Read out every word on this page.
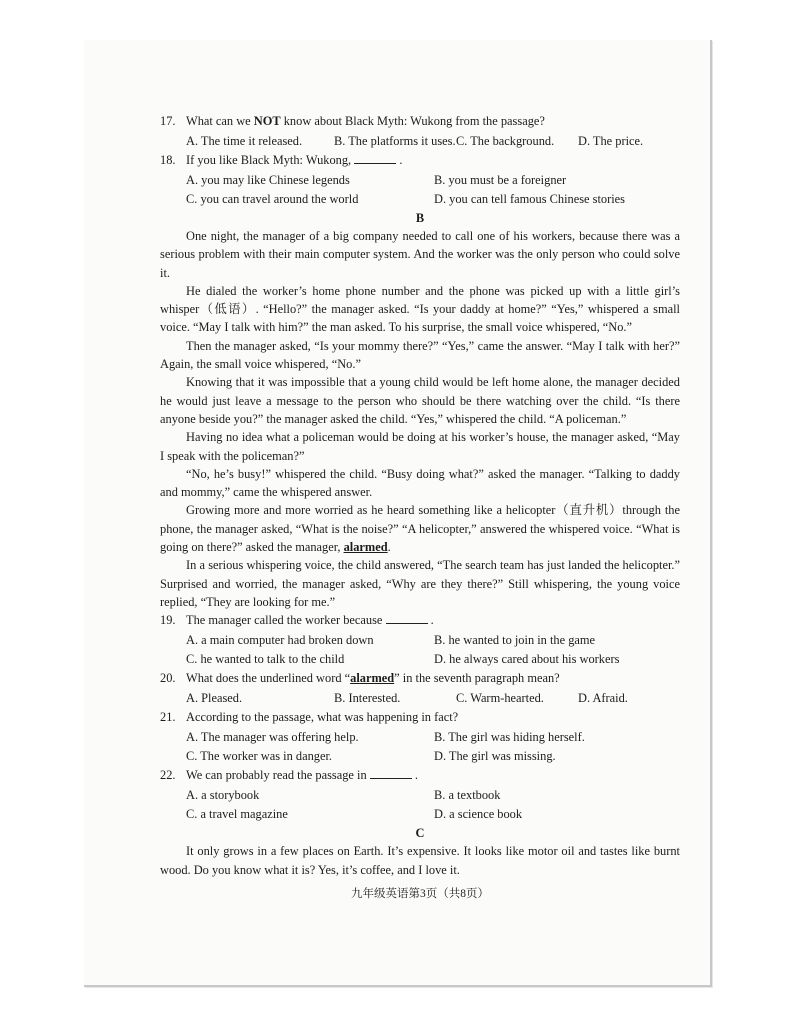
17. What can we NOT know about Black Myth: Wukong from the passage?
A. The time it released.	B. The platforms it uses. C. The background.	D. The price.
18. If you like Black Myth: Wukong,	.
A. you may like Chinese legends	B. you must be a foreigner
C. you can travel around the world	D. you can tell famous Chinese stories
B

One night, the manager of a big company needed to call one of his workers, because there was a serious problem with their main computer system. And the worker was the only person who could solve it.

He dialed the worker’s home phone number and the phone was picked up with a little girl’s whisper（低语）. “Hello?” the manager asked. “Is your daddy at home?” “Yes,” whispered a small voice. “May I talk with him?” the man asked. To his surprise, the small voice whispered, “No.”

Then the manager asked, “Is your mommy there?” “Yes,” came the answer. “May I talk with her?” Again, the small voice whispered, “No.”

Knowing that it was impossible that a young child would be left home alone, the manager decided he would just leave a message to the person who should be there watching over the child. “Is there anyone beside you?” the manager asked the child. “Yes,” whispered the child. “A policeman.”

Having no idea what a policeman would be doing at his worker’s house, the manager asked, “May I speak with the policeman?”

“No, he’s busy!” whispered the child. “Busy doing what?” asked the manager. “Talking to daddy and mommy,” came the whispered answer.

Growing more and more worried as he heard something like a helicopter（直升机）through the phone, the manager asked, “What is the noise?” “A helicopter,” answered the whispered voice. “What is going on there?” asked the manager, alarmed.

In a serious whispering voice, the child answered, “The search team has just landed the helicopter.” Surprised and worried, the manager asked, “Why are they there?” Still whispering, the young voice replied, “They are looking for me.”

19. The manager called the worker because	.
A. a main computer had broken down	B. he wanted to join in the game
C. he wanted to talk to the child	D. he always cared about his workers
20. What does the underlined word “alarmed” in the seventh paragraph mean?
A. Pleased.	B. Interested.	C. Warm-hearted.	D. Afraid.
21. According to the passage, what was happening in fact?
A. The manager was offering help.	B. The girl was hiding herself.
C. The worker was in danger.	D. The girl was missing.
22. We can probably read the passage in	.
A. a storybook	B. a textbook
C. a travel magazine	D. a science book
C

It only grows in a few places on Earth. It’s expensive. It looks like motor oil and tastes like burnt wood. Do you know what it is? Yes, it’s coffee, and I love it.

九年级英语第3页（共8页）
